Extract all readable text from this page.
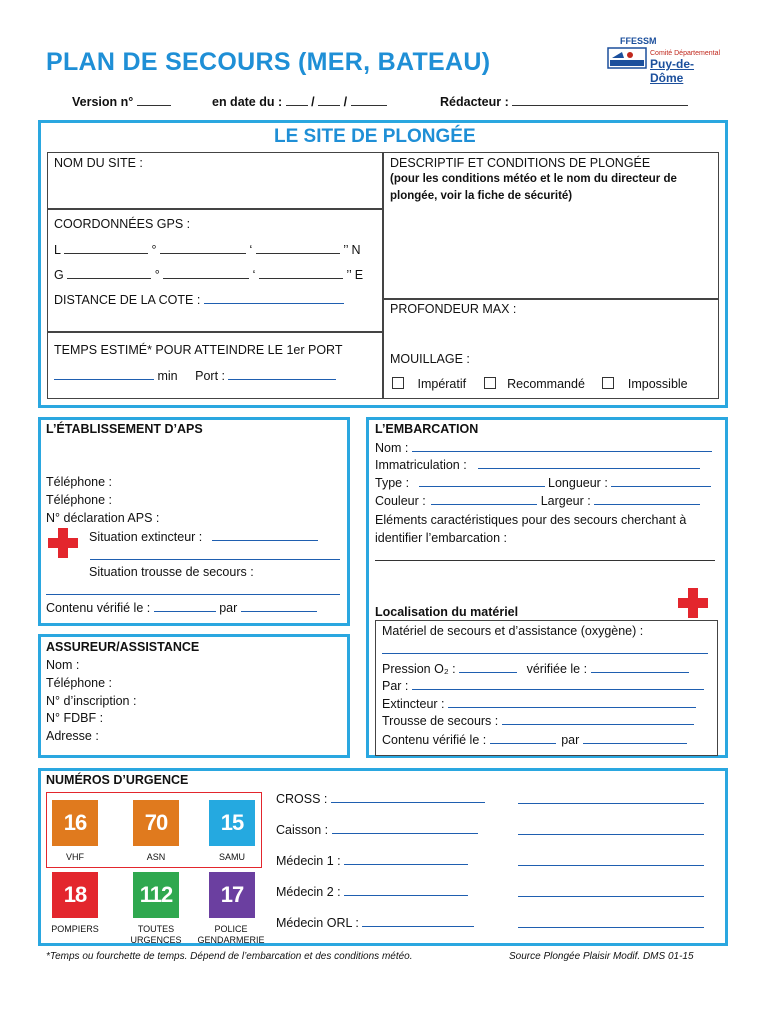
PLAN DE SECOURS (MER, BATEAU)
FFESSM
Comité Départemental
Puy-de-Dôme
Version n°	en date du : / /	Rédacteur :
LE SITE DE PLONGÉE
NOM DU SITE :	DESCRIPTIF ET CONDITIONS DE PLONGÉE
(pour les conditions météo et le nom du directeur de plongée, voir la fiche de sécurité)
COORDONNÉES GPS :
L	°	‘	’’ N
G	°	‘	’’ E
DISTANCE DE LA COTE :
PROFONDEUR MAX :
MOUILLAGE :
Impératif	Recommandé	Impossible
TEMPS ESTIMÉ* POUR ATTEINDRE LE 1er PORT
min Port :
L’ÉTABLISSEMENT D’APS
Téléphone :
Téléphone :
N° déclaration APS :
Situation extincteur :
Situation trousse de secours :
Contenu vérifié le :	par
ASSUREUR/ASSISTANCE
Nom :
Téléphone :
N° d’inscription :
N° FDBF :
Adresse :
L’EMBARCATION
Nom :
Immatriculation :
Type :	Longueur :
Couleur :	Largeur :
Eléments caractéristiques pour des secours cherchant à identifier l’embarcation :
Localisation du matériel
Matériel de secours et d’assistance (oxygène) :
Pression O₂ :	vérifiée le :
Par :
Extincteur :
Trousse de secours :
Contenu vérifié le :	par
NUMÉROS D’URGENCE
16	70 15
VHF	ASN	SAMU
18 112 17
POMPIERS	TOUTES URGENCES
POLICE GENDARMERIE
CROSS :
Caisson :
Médecin 1 :
Médecin 2 :
Médecin ORL :
*Temps ou fourchette de temps. Dépend de l’embarcation et des conditions météo.	Source Plongée Plaisir Modif. DMS 01-15
